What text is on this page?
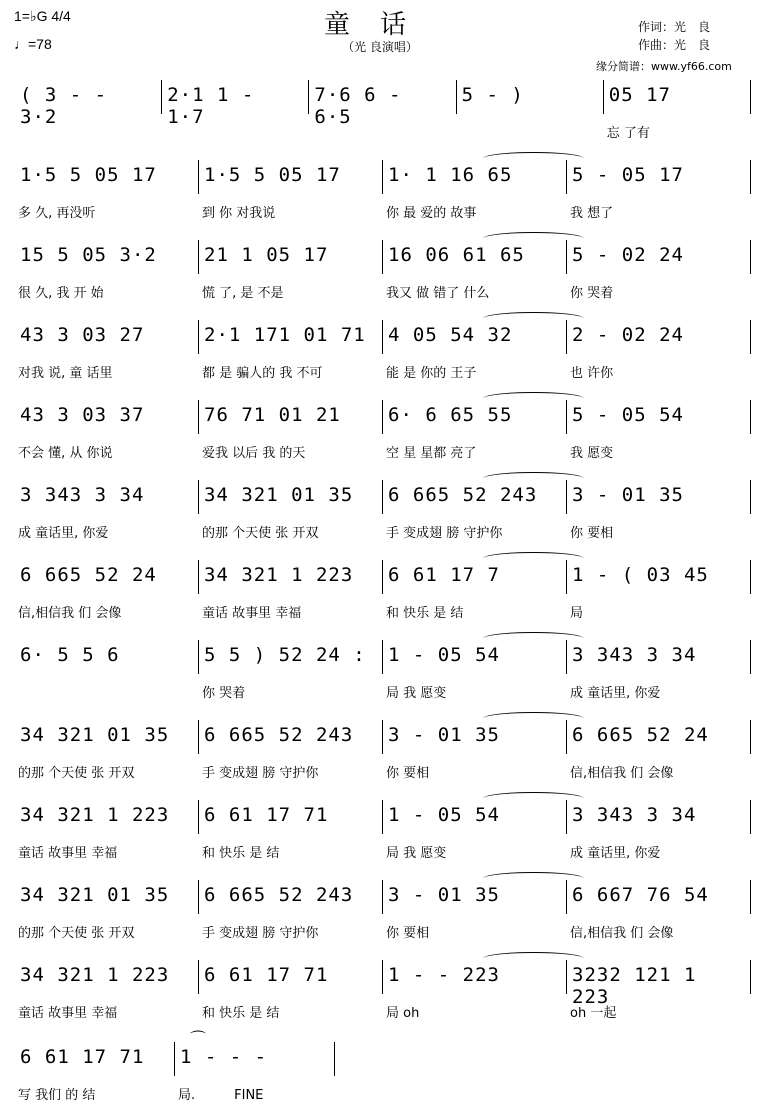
1=♭G 4/4
♩=78
童话
（光 良演唱）
作词：光　良
作曲：光　良
缘分简谱：www.yf66.com
( 3 - - 3·2
2·1 1 - 1·7
7·6 6 - 6·5
5 - )	05 17
忘 了有
1·5 5 05 17
多 久, 再没听
1·5 5 05 17
到 你 对我说
1· 1 16 65
你 最 爱的 故事
5 - 05 17
我 想了
15 5 05 3·2
很 久, 我 开 始
21 1 05 17
慌 了, 是 不是
16 06 61 65
我又 做 错了 什么
5 - 02 24
你 哭着
43 3 03 27
对我 说, 童 话里
2·1 171 01 71
都 是 骗人的 我 不可
4 05 54 32
能 是 你的 王子
2 - 02 24
也 许你
43 3 03 37
不会 懂, 从 你说
76 71 01 21
爱我 以后 我 的天
6· 6 65 55
空 星 星都 亮了
5 - 05 54
我 愿变
3 343 3 34
成 童话里, 你爱
34 321 01 35
的那 个天使 张 开双
6 665 52 243
手 变成翅 膀 守护你
3 - 01 35
你 要相
6 665 52 24
信,相信我 们 会像
34 321 1 223
童话 故事里 幸福
6 61 17 7
和 快乐 是 结
1 - ( 03 45
局
6· 5 5 6	5 5 ) 52 24 :
你 哭着
1 - 05 54
局 我 愿变
3 343 3 34
成 童话里, 你爱
34 321 01 35
的那 个天使 张 开双
6 665 52 243
手 变成翅 膀 守护你
3 - 01 35
你 要相
6 665 52 24
信,相信我 们 会像
34 321 1 223
童话 故事里 幸福
6 61 17 71
和 快乐 是 结
1 - 05 54
局 我 愿变
3 343 3 34
成 童话里, 你爱
34 321 01 35
的那 个天使 张 开双
6 665 52 243
手 变成翅 膀 守护你
3 - 01 35
你 要相
6 667 76 54
信,相信我 们 会像
34 321 1 223
童话 故事里 幸福
6 61 17 71
和 快乐 是 结
1 - - 223
局 oh
3232 121 1 223
oh 一起
6 61 17 71
写 我们 的 结
1 - - -
局.　　　FINE
⌒
